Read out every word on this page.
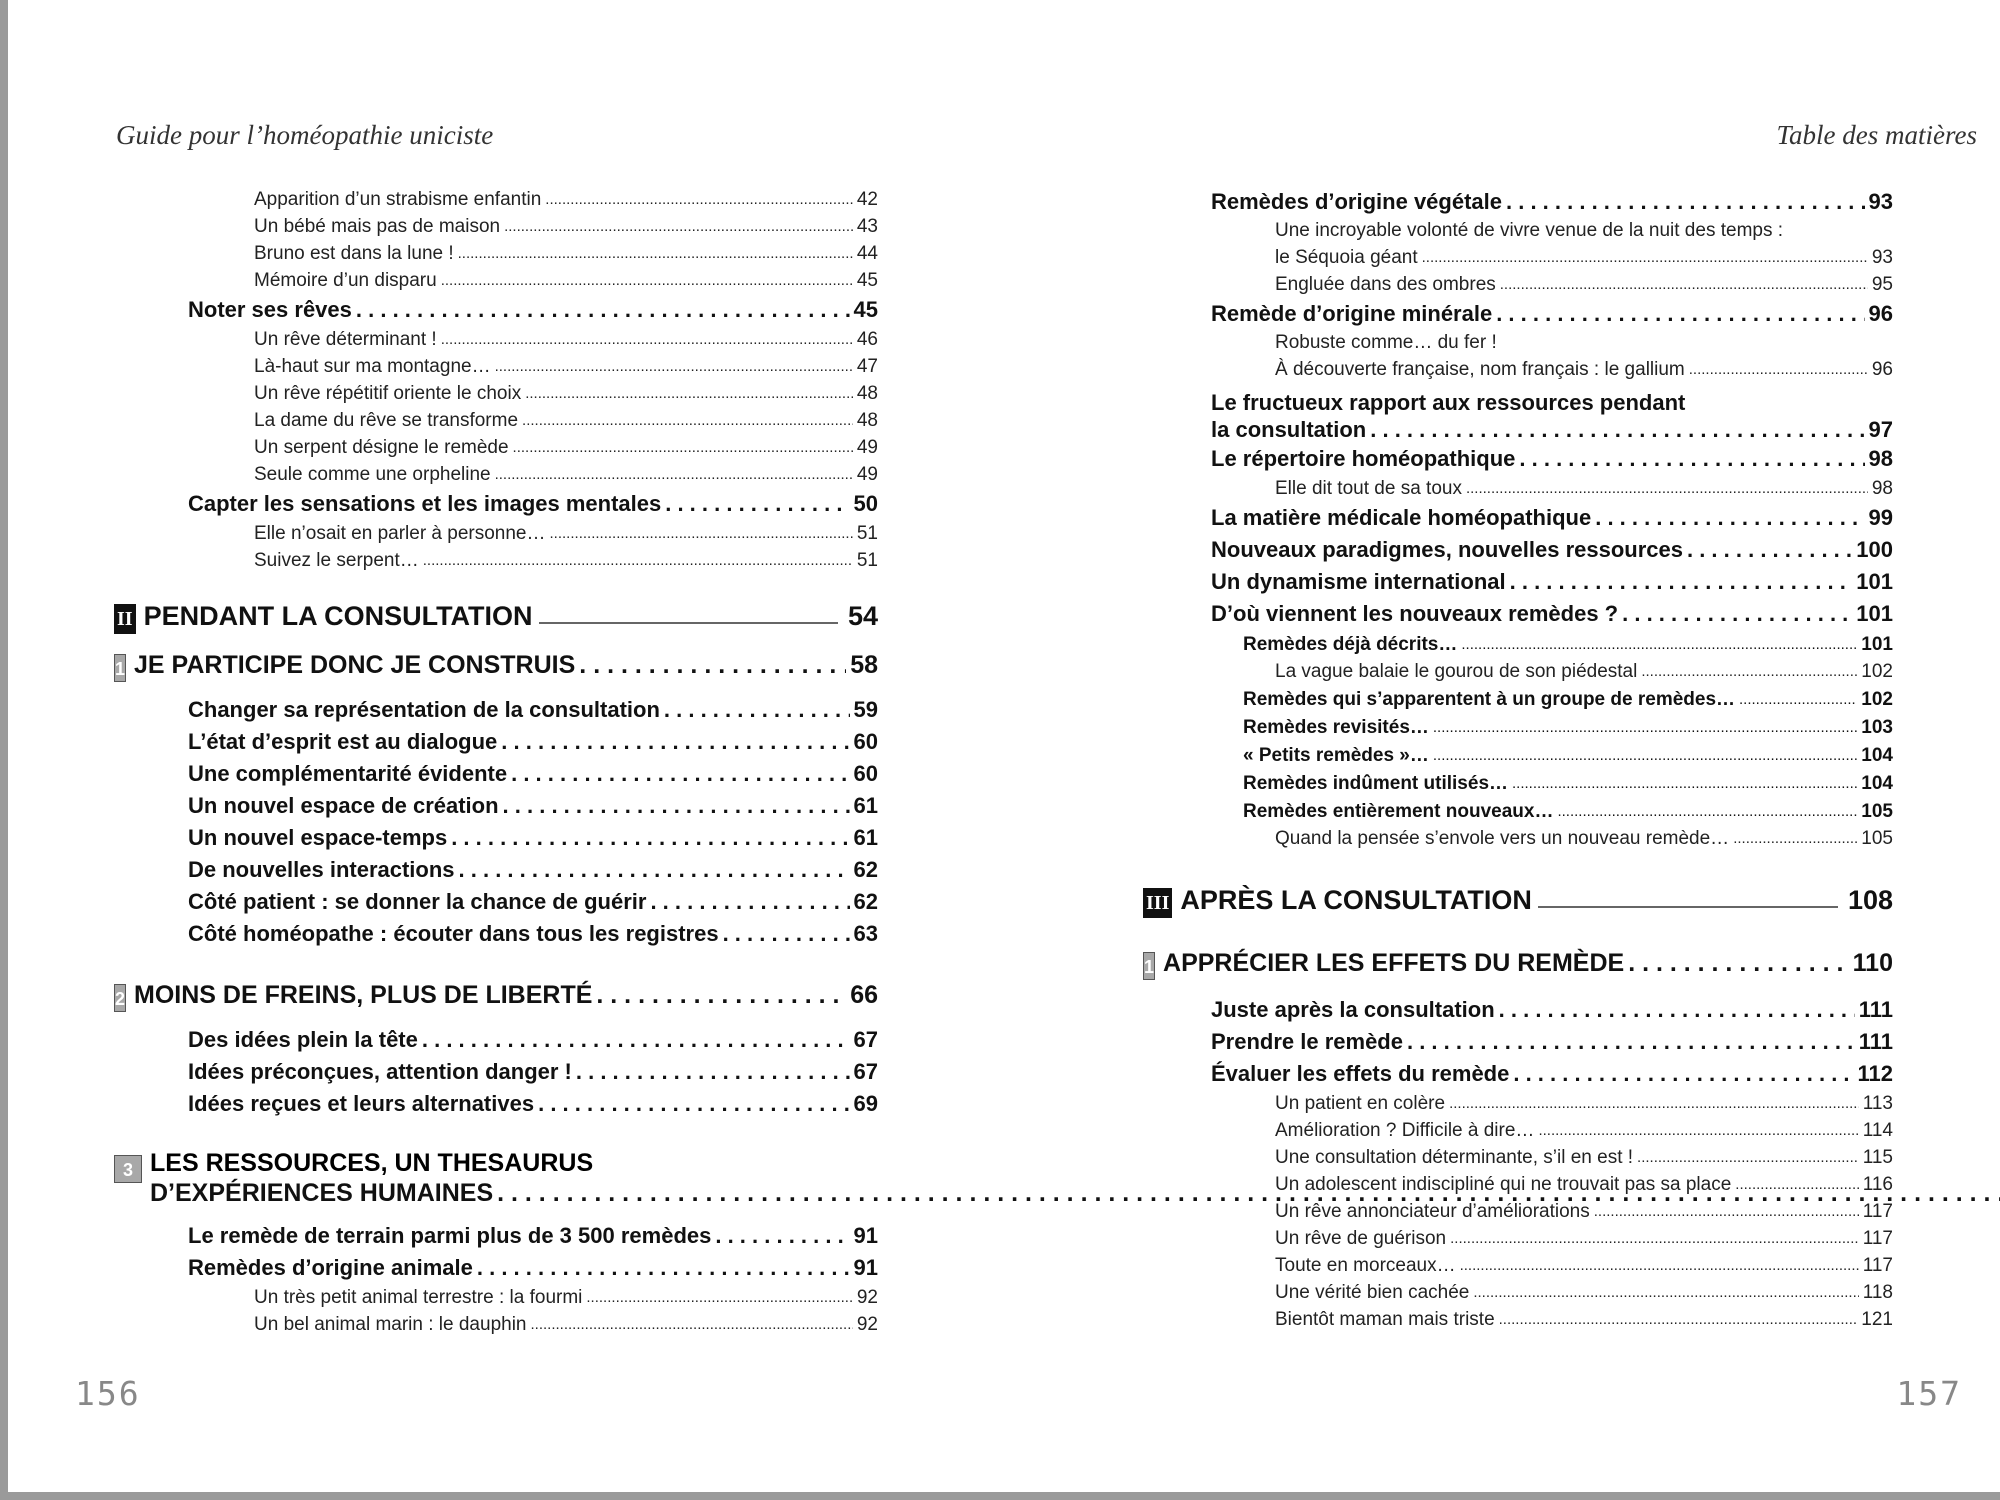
Guide pour l’homéopathie uniciste
Apparition d’un strabisme enfantin .....	42
Un bébé mais pas de maison .....	43
Bruno est dans la lune ! .....	44
Mémoire d’un disparu .....	45
Noter ses rêves . . .	45
Un rêve déterminant ! .....	46
Là-haut sur ma montagne… .....	47
Un rêve répétitif oriente le choix .....	48
La dame du rêve se transforme .....	48
Un serpent désigne le remède .....	49
Seule comme une orpheline .....	49
Capter les sensations et les images mentales . . .	50
Elle n’osait en parler à personne… .....	51
Suivez le serpent… .....	51
II PENDANT LA CONSULTATION	54
1 JE PARTICIPE DONC JE CONSTRUIS . . .	58
Changer sa représentation de la consultation . . .	59
L’état d’esprit est au dialogue . . .	60
Une complémentarité évidente . . .	60
Un nouvel espace de création . . .	61
Un nouvel espace-temps . . .	61
De nouvelles interactions . . .	62
Côté patient : se donner la chance de guérir . . .	62
Côté homéopathe : écouter dans tous les registres . . .	63
2 MOINS DE FREINS, PLUS DE LIBERTÉ . . .	66
Des idées plein la tête . . .	67
Idées préconçues, attention danger ! . . .	67
Idées reçues et leurs alternatives . . .	69
3 LES RESSOURCES, UN THESAURUS
D’EXPÉRIENCES HUMAINES
. . .
Le remède de terrain parmi plus de 3 500 remèdes . . .	91
Remèdes d’origine animale . . .	91
Un très petit animal terrestre : la fourmi .....	92
Un bel animal marin : le dauphin .....	92
156
Table des matières
Remèdes d’origine végétale . . .	93
Une incroyable volonté de vivre venue de la nuit des temps :
le Séquoia géant .....	93
Engluée dans des ombres .....	95
Remède d’origine minérale . . .	96
Robuste comme… du fer !
À découverte française, nom français : le gallium .....	96
Le fructueux rapport aux ressources pendant
la consultation . . .	97
Le répertoire homéopathique . . .	98
Elle dit tout de sa toux .....	98
La matière médicale homéopathique . . .	99
Nouveaux paradigmes, nouvelles ressources . . .	100
Un dynamisme international . . .	101
D’où viennent les nouveaux remèdes ? . . .	101
Remèdes déjà décrits… .....	101
La vague balaie le gourou de son piédestal .....	102
Remèdes qui s’apparentent à un groupe de remèdes… .....	102
Remèdes revisités… .....	103
« Petits remèdes »… .....	104
Remèdes indûment utilisés… .....	104
Remèdes entièrement nouveaux… .....	105
Quand la pensée s’envole vers un nouveau remède… .....	105
III APRÈS LA CONSULTATION	108
1 APPRÉCIER LES EFFETS DU REMÈDE . . .	110
Juste après la consultation . . .	111
Prendre le remède . . .	111
Évaluer les effets du remède . . .	112
Un patient en colère .....	113
Amélioration ? Difficile à dire… .....	114
Une consultation déterminante, s’il en est ! .....	115
Un adolescent indiscipliné qui ne trouvait pas sa place .....	116
Un rêve annonciateur d’améliorations .....	117
Un rêve de guérison .....	117
Toute en morceaux… .....	117
Une vérité bien cachée .....	118
Bientôt maman mais triste .....	121
157
